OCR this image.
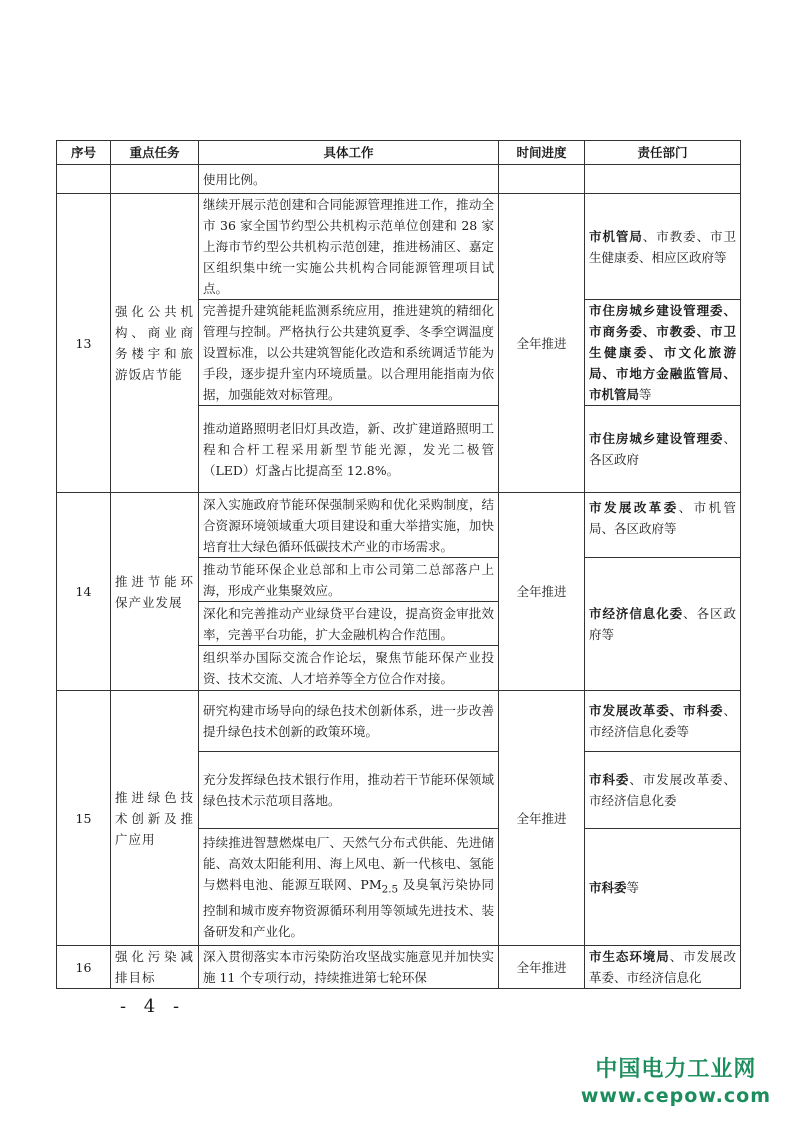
序号	重点任务	具体工作	时间进度	责任部门
		使用比例。		
13	强化公共机构、商业商务楼宇和旅游饭店节能	继续开展示范创建和合同能源管理推进工作，推动全市 36 家全国节约型公共机构示范单位创建和 28 家上海市节约型公共机构示范创建，推进杨浦区、嘉定区组织集中统一实施公共机构合同能源管理项目试点。	全年推进	市机管局、市教委、市卫生健康委、相应区政府等
		完善提升建筑能耗监测系统应用，推进建筑的精细化管理与控制。严格执行公共建筑夏季、冬季空调温度设置标准，以公共建筑智能化改造和系统调适节能为手段，逐步提升室内环境质量。以合理用能指南为依据，加强能效对标管理。		市住房城乡建设管理委、市商务委、市教委、市卫生健康委、市文化旅游局、市地方金融监管局、市机管局等
		推动道路照明老旧灯具改造，新、改扩建道路照明工程和合杆工程采用新型节能光源，发光二极管（LED）灯盏占比提高至 12.8%。		市住房城乡建设管理委、各区政府
14	推进节能环保产业发展	深入实施政府节能环保强制采购和优化采购制度，结合资源环境领域重大项目建设和重大举措实施，加快培育壮大绿色循环低碳技术产业的市场需求。	全年推进	市发展改革委、市机管局、各区政府等
		推动节能环保企业总部和上市公司第二总部落户上海，形成产业集聚效应。		市经济信息化委、各区政府等
		深化和完善推动产业绿贷平台建设，提高资金审批效率，完善平台功能，扩大金融机构合作范围。		
		组织举办国际交流合作论坛，聚焦节能环保产业投资、技术交流、人才培养等全方位合作对接。		
15	推进绿色技术创新及推广应用	研究构建市场导向的绿色技术创新体系，进一步改善提升绿色技术创新的政策环境。	全年推进	市发展改革委、市科委、市经济信息化委等
		充分发挥绿色技术银行作用，推动若干节能环保领域绿色技术示范项目落地。		市科委、市发展改革委、市经济信息化委
		持续推进智慧燃煤电厂、天然气分布式供能、先进储能、高效太阳能利用、海上风电、新一代核电、氢能与燃料电池、能源互联网、$PM_{2.5}$ 及臭氧污染协同控制和城市废弃物资源循环利用等领域先进技术、装备研发和产业化。		市科委等
16	强化污染减排目标	深入贯彻落实本市污染防治攻坚战实施意见并加快实施 11 个专项行动，持续推进第七轮环保	全年推进	市生态环境局、市发展改革委、市经济信息化
- 4 -
中国电力工业网
www.cepow.com
